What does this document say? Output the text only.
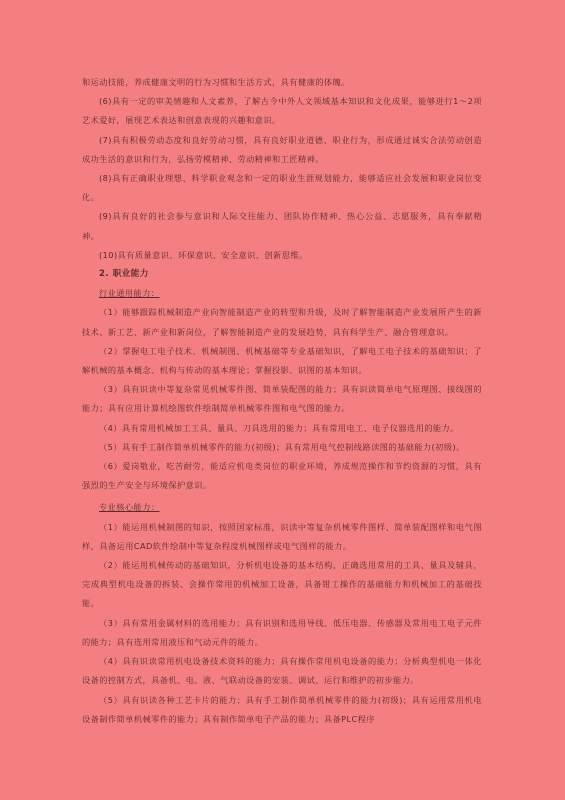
和运动技能，养成健康文明的行为习惯和生活方式，具有健康的体魄。

(6)具有一定的审美情趣和人文素养，了解古今中外人文领域基本知识和文化成果，能够进行1～2项艺术爱好，展现艺术表达和创意表现的兴趣和意识。

(7)具有积极劳动态度和良好劳动习惯，具有良好职业道德、职业行为，形成通过诚实合法劳动创造成功生活的意识和行为，弘扬劳模精神、劳动精神和工匠精神。

(8)具有正确职业理想、科学职业观念和一定的职业生涯规划能力，能够适应社会发展和职业岗位变化。

(9)具有良好的社会参与意识和人际交往能力、团队协作精神、热心公益、志愿服务，具有奉献精神。

(10)具有质量意识、环保意识、安全意识、创新思维。

2. 职业能力

行业通用能力：

（1）能够跟踪机械制造产业向智能制造产业的转型和升级，及时了解智能制造产业发展所产生的新技术、新工艺、新产业和新岗位，了解智能制造产业的发展趋势，具有科学生产、融合管理意识。

（2）掌握电工电子技术、机械制图、机械基础等专业基础知识，了解电工电子技术的基础知识；了解机械的基本概念、机构与传动的基本理论；掌握投影、识图的基本知识。

（3）具有识读中等复杂常见机械零件图、简单装配图的能力；具有识读简单电气原理图、接线图的能力；具有应用计算机绘图软件绘制简单机械零件图和电气图的能力。

（4）具有常用机械加工工具、量具、刀具选用的能力；具有常用电工、电子仪器选用的能力。

（5）具有手工制作简单机械零件的能力(初级)；具有常用电气控制线路读图的基础能力(初级)。

（6）爱岗敬业，吃苦耐劳，能适应机电类岗位的职业环境，养成规范操作和节约资源的习惯，具有强烈的生产安全与环境保护意识。

专业核心能力：

（1）能运用机械制图的知识，按照国家标准，识读中等复杂机械零件图样、简单装配图样和电气图样，具备运用CAD软件绘制中等复杂程度机械图样或电气图样的能力。

（2）能运用机械传动的基础知识，分析机电设备的基本结构，正确选用常用的工具、量具及辅具，完成典型机电设备的拆装、会操作常用的机械加工设备，具备钳工操作的基础能力和机械加工的基础技能。

（3）具有常用金属材料的选用能力；具有识别和选用导线、低压电器、传感器及常用电工电子元件的能力；具有选用常用液压和气动元件的能力。

（4）具有识读常用机电设备技术资料的能力；具有操作常用机电设备的能力；分析典型机电一体化设备的控制方式，具备机、电、液、气联动设备的安装、调试、运行和维护的初步能力。

（5）具有识读各种工艺卡片的能力；具有手工制作简单机械零件的能力(初级)；具有运用常用机电设备制作简单机械零件的能力；具有制作简单电子产品的能力；具备PLC程序
